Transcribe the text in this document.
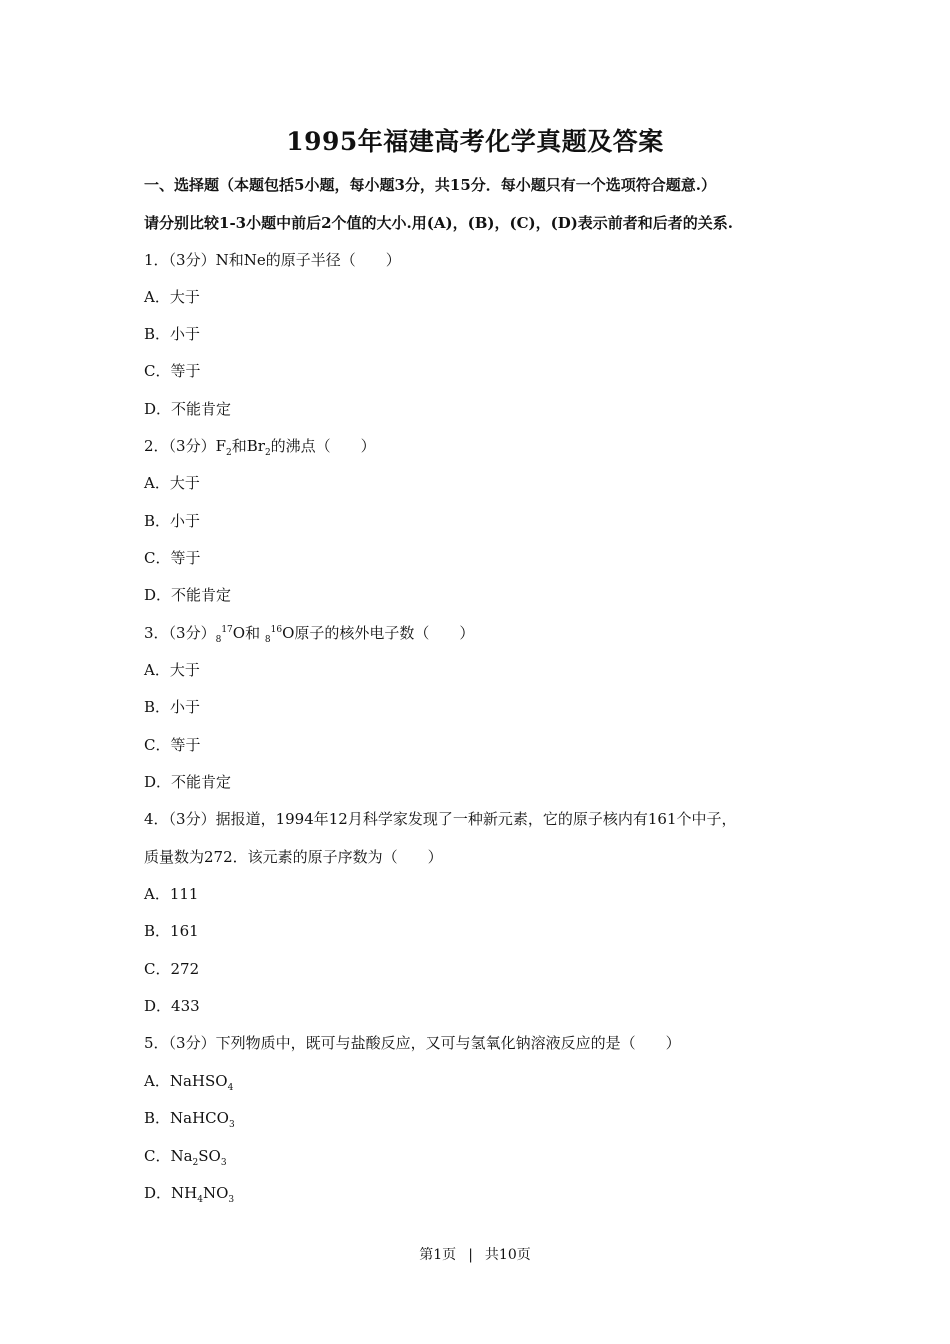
1995年福建高考化学真题及答案
一、选择题（本题包括5小题，每小题3分，共15分．每小题只有一个选项符合题意.）
请分别比较1-3小题中前后2个值的大小.用(A)，(B)，(C)，(D)表示前者和后者的关系.
1．（3分）N和Ne的原子半径（　　）
A．大于
B．小于
C．等于
D．不能肯定
2．（3分）$F_2$和$Br_2$的沸点（　　）
A．大于
B．小于
C．等于
D．不能肯定
3．（3分）$_8^{17}O$和 $_8^{16}$O原子的核外电子数（　　）
A．大于
B．小于
C．等于
D．不能肯定
4．（3分）据报道，1994年12月科学家发现了一种新元素，它的原子核内有161个中子，
质量数为272．该元素的原子序数为（　　）
A．111
B．161
C．272
D．433
5．（3分）下列物质中，既可与盐酸反应，又可与氢氧化钠溶液反应的是（　　）
A．NaHSO$_4$
B．NaHCO$_3$
C．$Na_2SO_3$
D．$NH_4NO_3$
第1页 | 共10页
